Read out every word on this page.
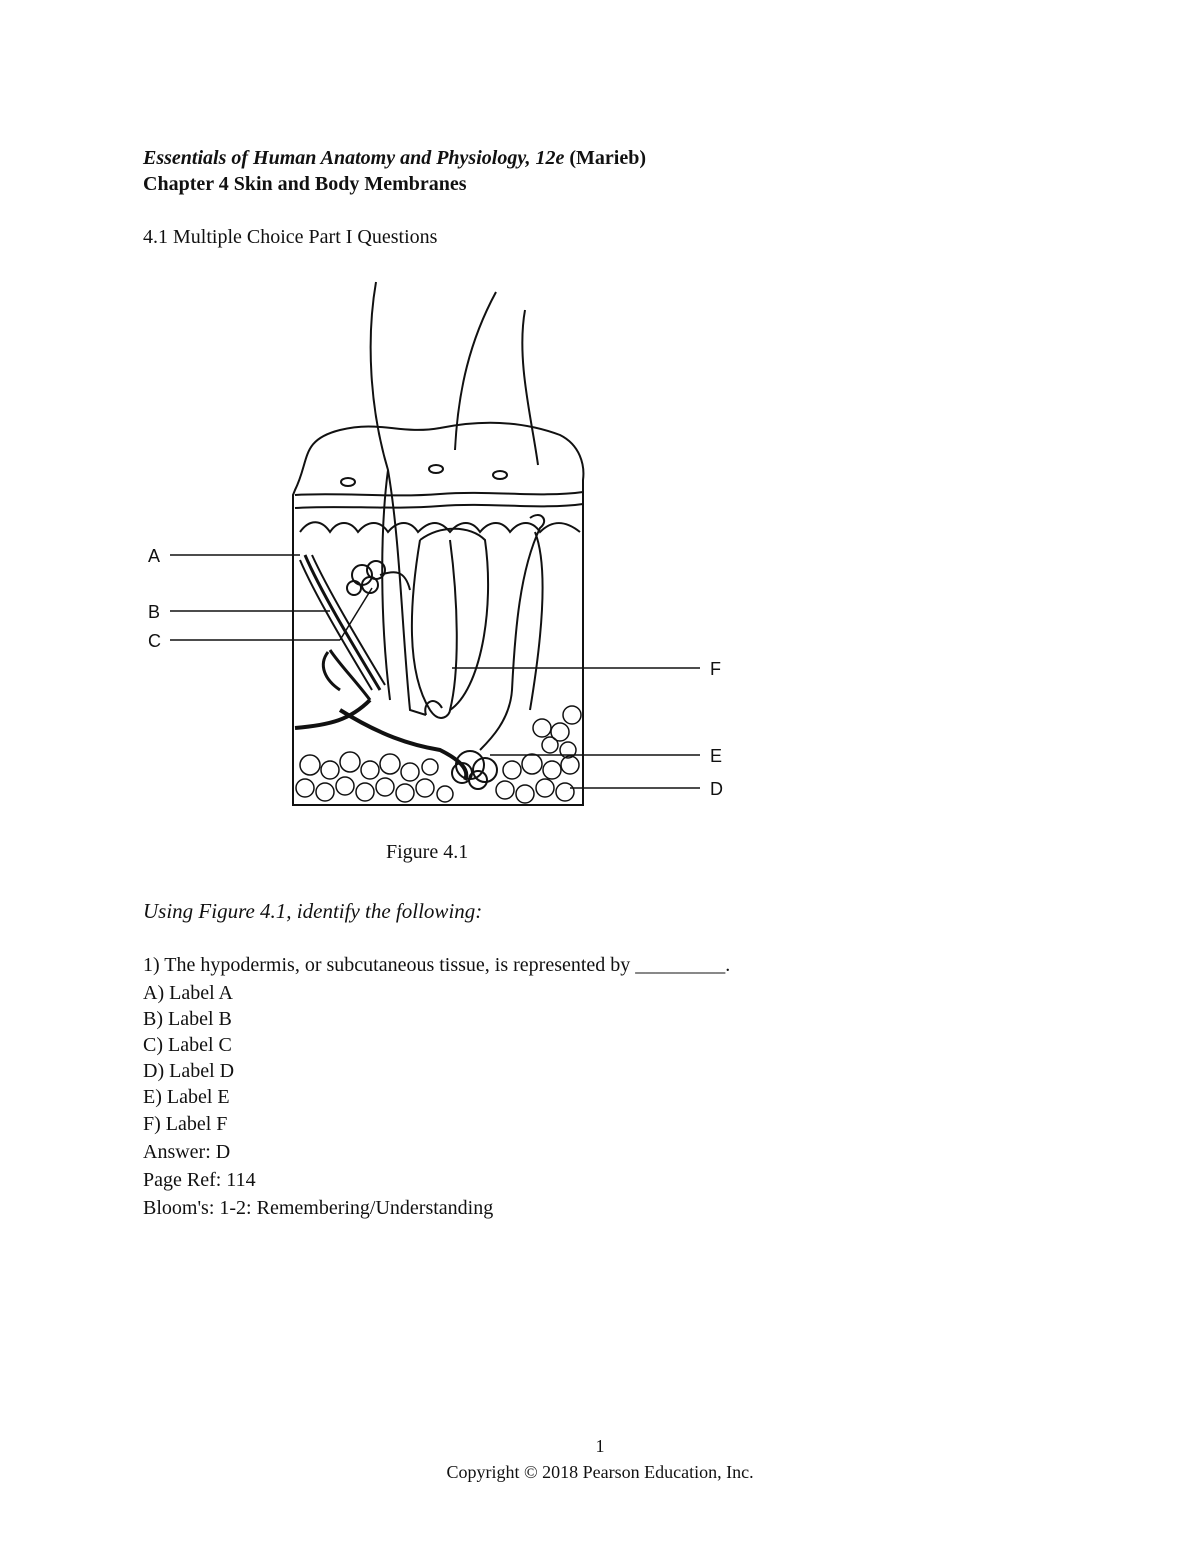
Essentials of Human Anatomy and Physiology, 12e (Marieb)
Chapter 4 Skin and Body Membranes
4.1 Multiple Choice Part I Questions
A
B
C
F
E
D
Figure 4.1
Using Figure 4.1, identify the following:
1) The hypodermis, or subcutaneous tissue, is represented by _________.
A) Label A
B) Label B
C) Label C
D) Label D
E) Label E
F) Label F
Answer: D
Page Ref: 114
Bloom's: 1-2: Remembering/Understanding
1
Copyright © 2018 Pearson Education, Inc.
